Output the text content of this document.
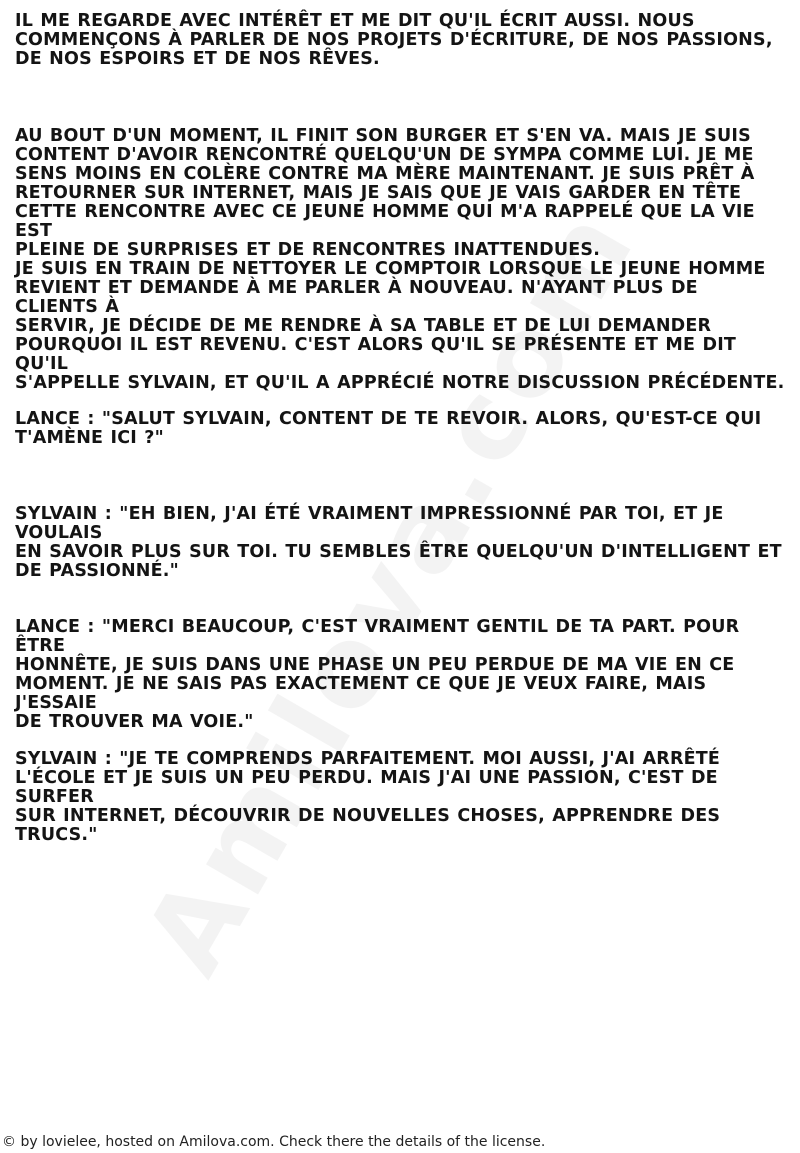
IL ME REGARDE AVEC INTÉRÊT ET ME DIT QU'IL ÉCRIT AUSSI. NOUS
COMMENÇONS À PARLER DE NOS PROJETS D'ÉCRITURE, DE NOS PASSIONS,
DE NOS ESPOIRS ET DE NOS RÊVES.

AU BOUT D'UN MOMENT, IL FINIT SON BURGER ET S'EN VA. MAIS JE SUIS
CONTENT D'AVOIR RENCONTRÉ QUELQU'UN DE SYMPA COMME LUI. JE ME
SENS MOINS EN COLÈRE CONTRE MA MÈRE MAINTENANT. JE SUIS PRÊT À
RETOURNER SUR INTERNET, MAIS JE SAIS QUE JE VAIS GARDER EN TÊTE
CETTE RENCONTRE AVEC CE JEUNE HOMME QUI M'A RAPPELÉ QUE LA VIE EST
PLEINE DE SURPRISES ET DE RENCONTRES INATTENDUES.

JE SUIS EN TRAIN DE NETTOYER LE COMPTOIR LORSQUE LE JEUNE HOMME
REVIENT ET DEMANDE À ME PARLER À NOUVEAU. N'AYANT PLUS DE CLIENTS À
SERVIR, JE DÉCIDE DE ME RENDRE À SA TABLE ET DE LUI DEMANDER
POURQUOI IL EST REVENU. C'EST ALORS QU'IL SE PRÉSENTE ET ME DIT QU'IL
S'APPELLE SYLVAIN, ET QU'IL A APPRÉCIÉ NOTRE DISCUSSION PRÉCÉDENTE.

LANCE : "SALUT SYLVAIN, CONTENT DE TE REVOIR. ALORS, QU'EST-CE QUI
T'AMÈNE ICI ?"

SYLVAIN : "EH BIEN, J'AI ÉTÉ VRAIMENT IMPRESSIONNÉ PAR TOI, ET JE VOULAIS
EN SAVOIR PLUS SUR TOI. TU SEMBLES ÊTRE QUELQU'UN D'INTELLIGENT ET
DE PASSIONNÉ."

LANCE : "MERCI BEAUCOUP, C'EST VRAIMENT GENTIL DE TA PART. POUR ÊTRE
HONNÊTE, JE SUIS DANS UNE PHASE UN PEU PERDUE DE MA VIE EN CE
MOMENT. JE NE SAIS PAS EXACTEMENT CE QUE JE VEUX FAIRE, MAIS J'ESSAIE
DE TROUVER MA VOIE."

SYLVAIN : "JE TE COMPRENDS PARFAITEMENT. MOI AUSSI, J'AI ARRÊTÉ
L'ÉCOLE ET JE SUIS UN PEU PERDU. MAIS J'AI UNE PASSION, C'EST DE SURFER
SUR INTERNET, DÉCOUVRIR DE NOUVELLES CHOSES, APPRENDRE DES
TRUCS."

© by lovielee, hosted on Amilova.com. Check there the details of the license.
